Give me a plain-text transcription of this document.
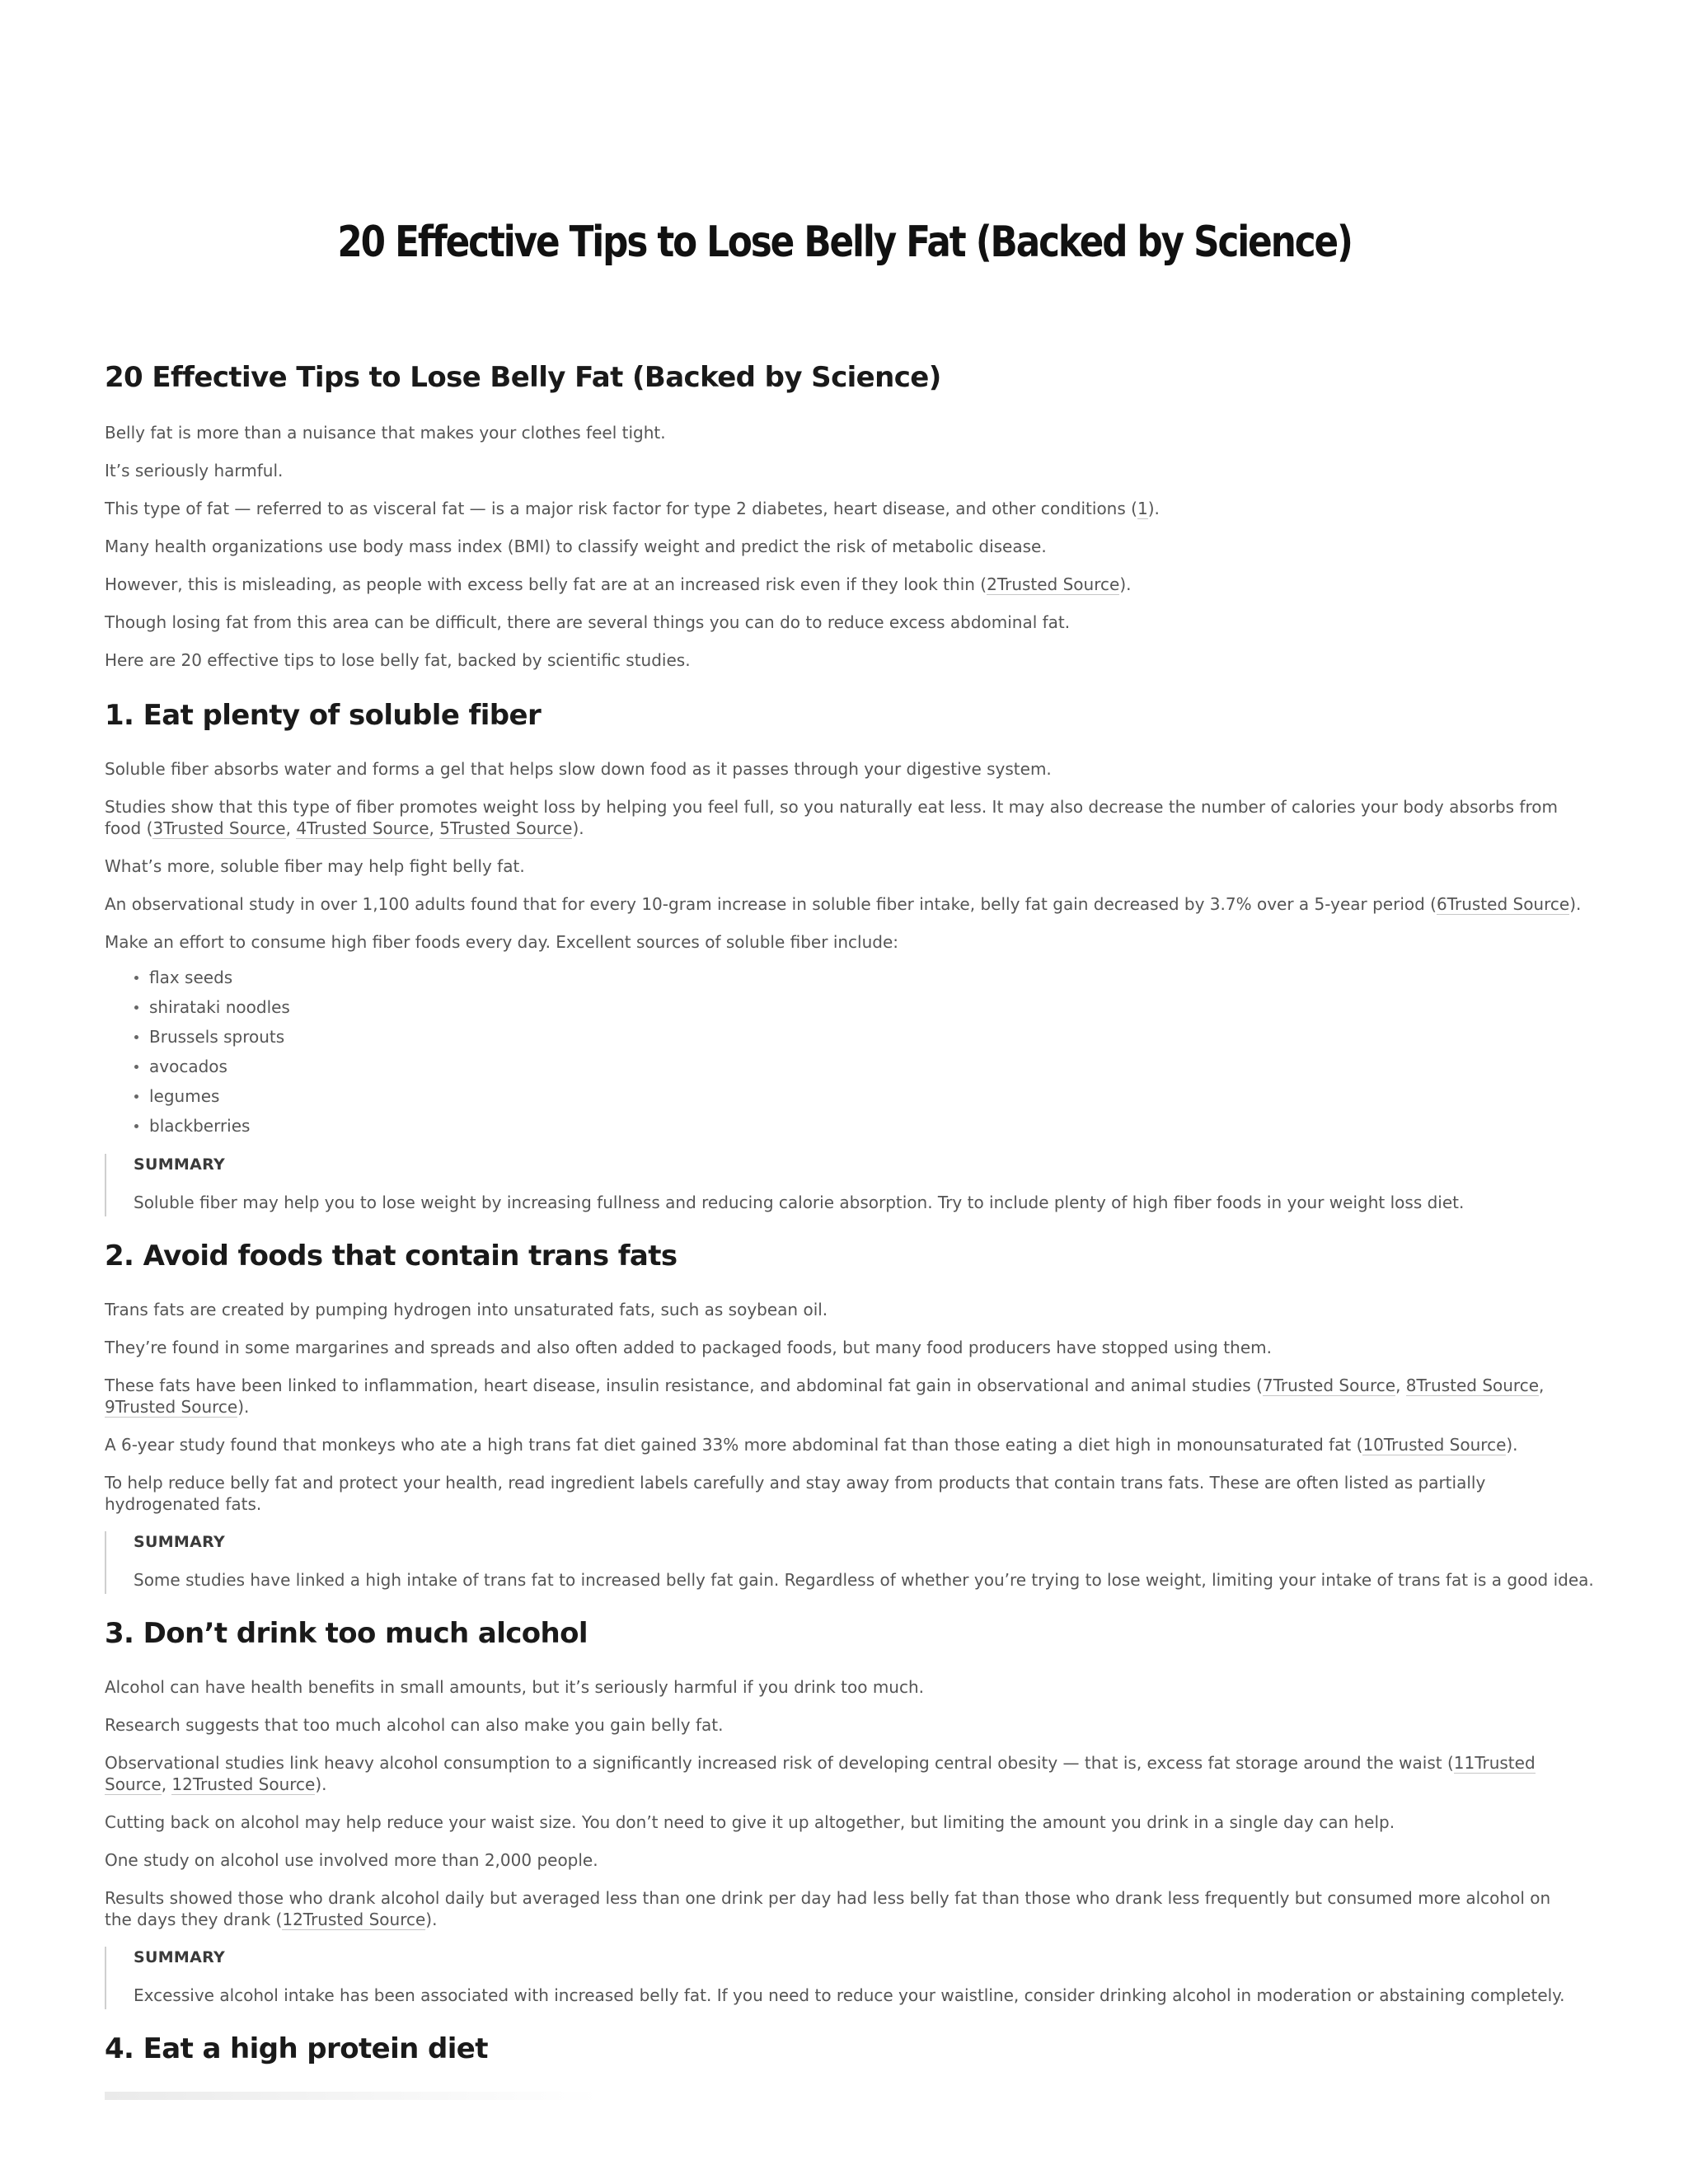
20 Effective Tips to Lose Belly Fat (Backed by Science)
20 Effective Tips to Lose Belly Fat (Backed by Science)

Belly fat is more than a nuisance that makes your clothes feel tight.

It’s seriously harmful.

This type of fat — referred to as visceral fat — is a major risk factor for type 2 diabetes, heart disease, and other conditions (1).

Many health organizations use body mass index (BMI) to classify weight and predict the risk of metabolic disease.

However, this is misleading, as people with excess belly fat are at an increased risk even if they look thin (2Trusted Source).

Though losing fat from this area can be difficult, there are several things you can do to reduce excess abdominal fat.

Here are 20 effective tips to lose belly fat, backed by scientific studies.

1. Eat plenty of soluble fiber

Soluble fiber absorbs water and forms a gel that helps slow down food as it passes through your digestive system.

Studies show that this type of fiber promotes weight loss by helping you feel full, so you naturally eat less. It may also decrease the number of calories your body absorbs from food (3Trusted Source, 4Trusted Source, 5Trusted Source).

What’s more, soluble fiber may help fight belly fat.

An observational study in over 1,100 adults found that for every 10-gram increase in soluble fiber intake, belly fat gain decreased by 3.7% over a 5-year period (6Trusted Source).

Make an effort to consume high fiber foods every day. Excellent sources of soluble fiber include:

flax seeds
shirataki noodles
Brussels sprouts
avocados
legumes
blackberries

SUMMARY

Soluble fiber may help you to lose weight by increasing fullness and reducing calorie absorption. Try to include plenty of high fiber foods in your weight loss diet.

2. Avoid foods that contain trans fats

Trans fats are created by pumping hydrogen into unsaturated fats, such as soybean oil.

They’re found in some margarines and spreads and also often added to packaged foods, but many food producers have stopped using them.

These fats have been linked to inflammation, heart disease, insulin resistance, and abdominal fat gain in observational and animal studies (7Trusted Source, 8Trusted Source, 9Trusted Source).

A 6-year study found that monkeys who ate a high trans fat diet gained 33% more abdominal fat than those eating a diet high in monounsaturated fat (10Trusted Source).

To help reduce belly fat and protect your health, read ingredient labels carefully and stay away from products that contain trans fats. These are often listed as partially hydrogenated fats.

SUMMARY

Some studies have linked a high intake of trans fat to increased belly fat gain. Regardless of whether you’re trying to lose weight, limiting your intake of trans fat is a good idea.

3. Don’t drink too much alcohol

Alcohol can have health benefits in small amounts, but it’s seriously harmful if you drink too much.

Research suggests that too much alcohol can also make you gain belly fat.

Observational studies link heavy alcohol consumption to a significantly increased risk of developing central obesity — that is, excess fat storage around the waist (11Trusted Source, 12Trusted Source).

Cutting back on alcohol may help reduce your waist size. You don’t need to give it up altogether, but limiting the amount you drink in a single day can help.

One study on alcohol use involved more than 2,000 people.

Results showed those who drank alcohol daily but averaged less than one drink per day had less belly fat than those who drank less frequently but consumed more alcohol on the days they drank (12Trusted Source).

SUMMARY

Excessive alcohol intake has been associated with increased belly fat. If you need to reduce your waistline, consider drinking alcohol in moderation or abstaining completely.

4. Eat a high protein diet
